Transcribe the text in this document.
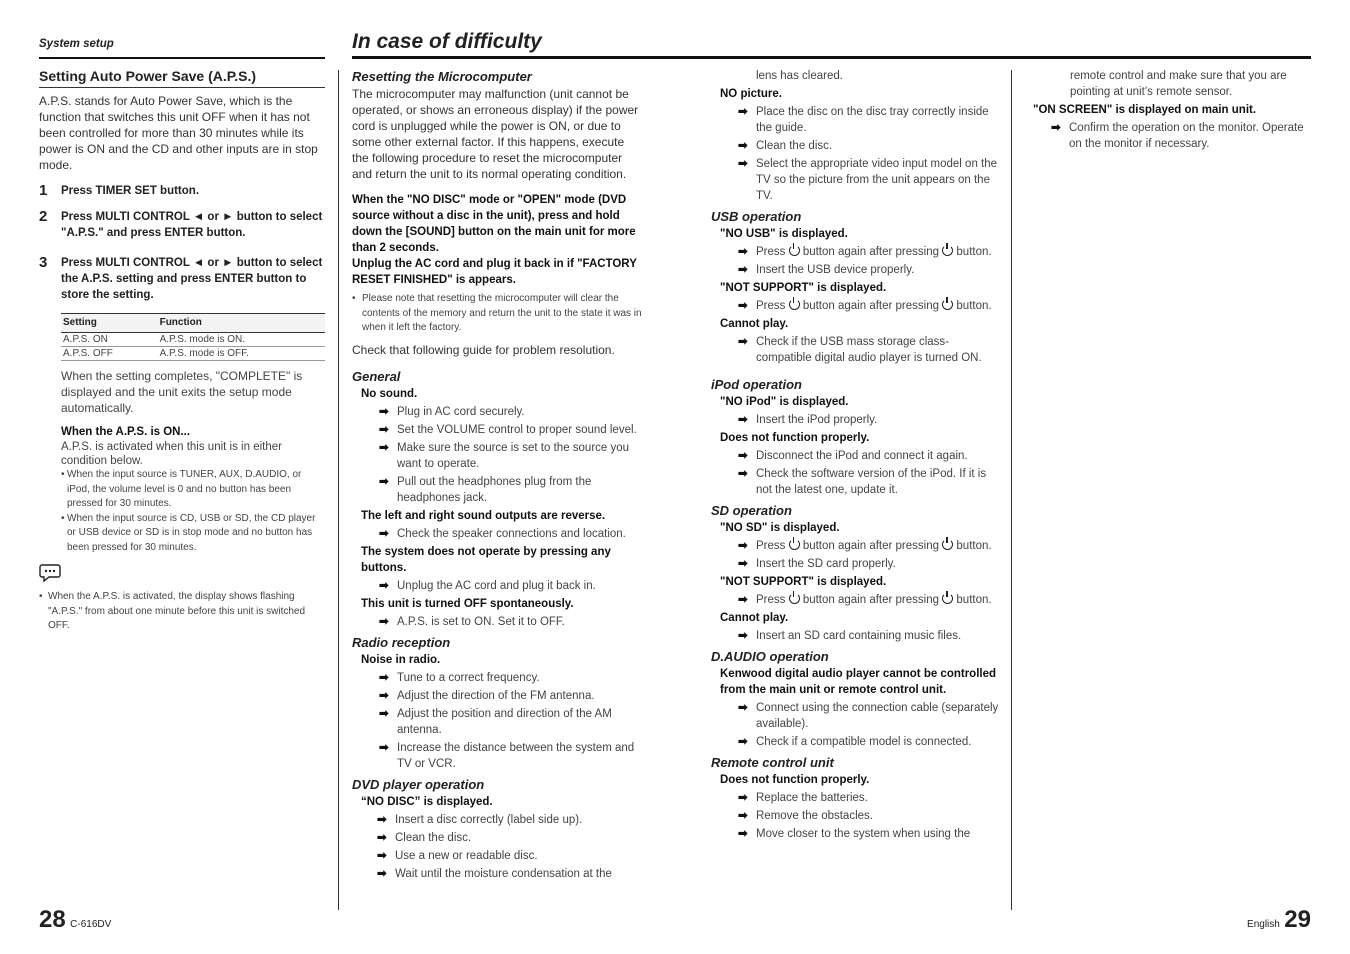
System setup	In case of difficulty

Setting Auto Power Save (A.P.S.)

A.P.S. stands for Auto Power Save, which is the function that switches this unit OFF when it has not been controlled for more than 30 minutes while its power is ON and the CD and other inputs are in stop mode.

1	Press TIMER SET button.
2	Press MULTI CONTROL ◄ or ► button to select "A.P.S." and press ENTER button.
3	Press MULTI CONTROL ◄ or ► button to select the A.P.S. setting and press ENTER button to store the setting.
Setting	Function
A.P.S. ON	A.P.S. mode is ON.
A.P.S. OFF	A.P.S. mode is OFF.

When the setting completes, "COMPLETE" is displayed and the unit exits the setup mode automatically.

When the A.P.S. is ON...
A.P.S. is activated when this unit is in either condition below.
• When the input source is TUNER, AUX, D.AUDIO, or iPod, the volume level is 0 and no button has been pressed for 30 minutes.
• When the input source is CD, USB or SD, the CD player or USB device or SD is in stop mode and no button has been pressed for 30 minutes.
• When the A.P.S. is activated, the display shows flashing "A.P.S." from about one minute before this unit is switched OFF.

Resetting the Microcomputer

The microcomputer may malfunction (unit cannot be operated, or shows an erroneous display) if the power cord is unplugged while the power is ON, or due to some other external factor. If this happens, execute the following procedure to reset the microcomputer and return the unit to its normal operating condition.

When the "NO DISC" mode or "OPEN" mode (DVD source without a disc in the unit), press and hold down the [SOUND] button on the main unit for more than 2 seconds.
Unplug the AC cord and plug it back in if "FACTORY RESET FINISHED" is appears.
• Please note that resetting the microcomputer will clear the contents of the memory and return the unit to the state it was in when it left the factory.

Check that following guide for problem resolution.

General

No sound.
➡ Plug in AC cord securely.
➡ Set the VOLUME control to proper sound level.
➡ Make sure the source is set to the source you want to operate.
➡ Pull out the headphones plug from the headphones jack.
The left and right sound outputs are reverse.
➡ Check the speaker connections and location.
The system does not operate by pressing any buttons.
➡ Unplug the AC cord and plug it back in.
This unit is turned OFF spontaneously.
➡ A.P.S. is set to ON. Set it to OFF.

Radio reception

Noise in radio.
➡ Tune to a correct frequency.
➡ Adjust the direction of the FM antenna.
➡ Adjust the position and direction of the AM antenna.
➡ Increase the distance between the system and TV or VCR.

DVD player operation

“NO DISC” is displayed.
➡ Insert a disc correctly (label side up).
➡ Clean the disc.
➡ Use a new or readable disc.
➡ Wait until the moisture condensation at the
lens has cleared.
NO picture.
➡ Place the disc on the disc tray correctly inside the guide.
➡ Clean the disc.
➡ Select the appropriate video input model on the TV so the picture from the unit appears on the TV.

USB operation

"NO USB" is displayed.
➡ Press button again after pressing button.
➡ Insert the USB device properly.
"NOT SUPPORT" is displayed.
➡ Press button again after pressing button.
Cannot play.
➡ Check if the USB mass storage class-compatible digital audio player is turned ON.

iPod operation

"NO iPod" is displayed.
➡ Insert the iPod properly.
Does not function properly.
➡ Disconnect the iPod and connect it again.
➡ Check the software version of the iPod. If it is not the latest one, update it.

SD operation

"NO SD" is displayed.
➡ Press button again after pressing button.
➡ Insert the SD card properly.
"NOT SUPPORT" is displayed.
➡ Press button again after pressing button.
Cannot play.
➡ Insert an SD card containing music files.

D.AUDIO operation

Kenwood digital audio player cannot be controlled from the main unit or remote control unit.
➡ Connect using the connection cable (separately available).
➡ Check if a compatible model is connected.

Remote control unit

Does not function properly.
➡ Replace the batteries.
➡ Remove the obstacles.
➡ Move closer to the system when using the
remote control and make sure that you are pointing at unit’s remote sensor.
"ON SCREEN" is displayed on main unit.
➡ Confirm the operation on the monitor. Operate on the monitor if necessary.
28 C-616DV	English 29
